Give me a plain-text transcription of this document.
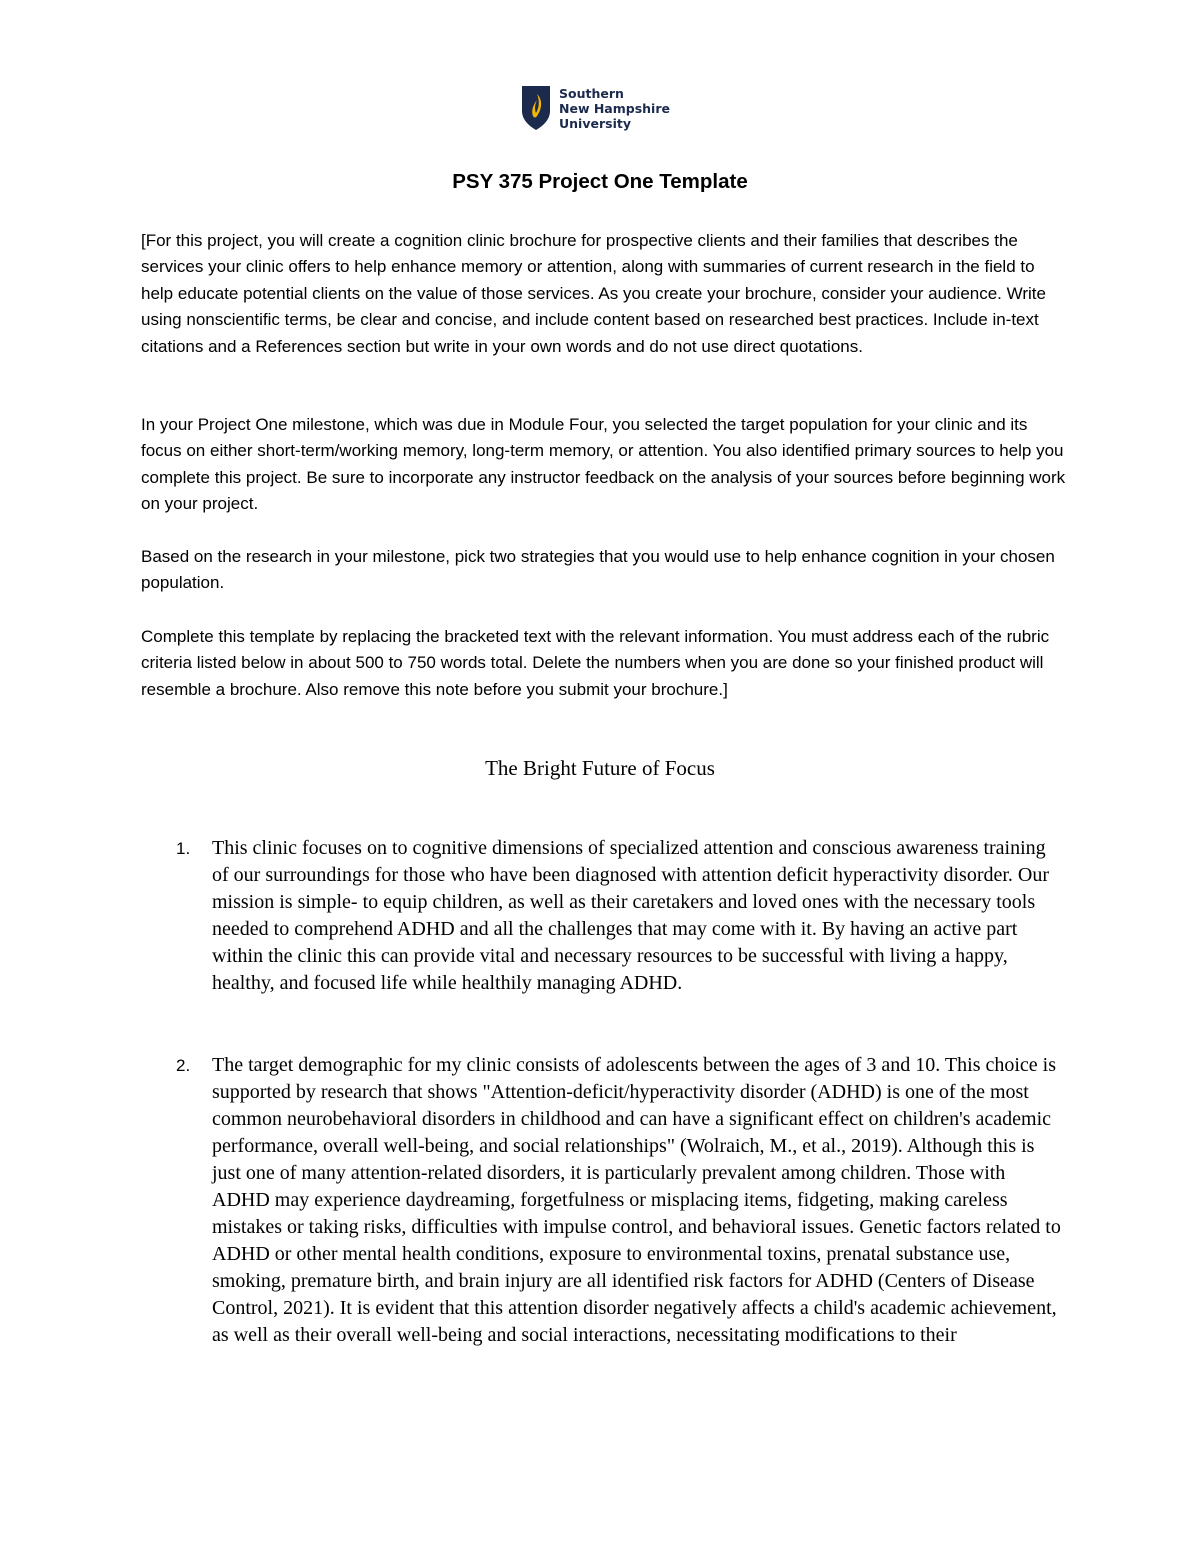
Southern
New Hampshire
University
PSY 375 Project One Template

[For this project, you will create a cognition clinic brochure for prospective clients and their families that describes the services your clinic offers to help enhance memory or attention, along with summaries of current research in the field to help educate potential clients on the value of those services. As you create your brochure, consider your audience. Write using nonscientific terms, be clear and concise, and include content based on researched best practices. Include in-text citations and a References section but write in your own words and do not use direct quotations.

In your Project One milestone, which was due in Module Four, you selected the target population for your clinic and its focus on either short-term/working memory, long-term memory, or attention. You also identified primary sources to help you complete this project. Be sure to incorporate any instructor feedback on the analysis of your sources before beginning work on your project.

Based on the research in your milestone, pick two strategies that you would use to help enhance cognition in your chosen population.

Complete this template by replacing the bracketed text with the relevant information. You must address each of the rubric criteria listed below in about 500 to 750 words total. Delete the numbers when you are done so your finished product will resemble a brochure. Also remove this note before you submit your brochure.]

The Bright Future of Focus
1. This clinic focuses on to cognitive dimensions of specialized attention and conscious awareness training of our surroundings for those who have been diagnosed with attention deficit hyperactivity disorder. Our mission is simple- to equip children, as well as their caretakers and loved ones with the necessary tools needed to comprehend ADHD and all the challenges that may come with it. By having an active part within the clinic this can provide vital and necessary resources to be successful with living a happy, healthy, and focused life while healthily managing ADHD.
2. The target demographic for my clinic consists of adolescents between the ages of 3 and 10. This choice is supported by research that shows "Attention-deficit/hyperactivity disorder (ADHD) is one of the most common neurobehavioral disorders in childhood and can have a significant effect on children's academic performance, overall well-being, and social relationships" (Wolraich, M., et al., 2019). Although this is just one of many attention-related disorders, it is particularly prevalent among children. Those with ADHD may experience daydreaming, forgetfulness or misplacing items, fidgeting, making careless mistakes or taking risks, difficulties with impulse control, and behavioral issues. Genetic factors related to ADHD or other mental health conditions, exposure to environmental toxins, prenatal substance use, smoking, premature birth, and brain injury are all identified risk factors for ADHD (Centers of Disease Control, 2021). It is evident that this attention disorder negatively affects a child's academic achievement, as well as their overall well-being and social interactions, necessitating modifications to their
